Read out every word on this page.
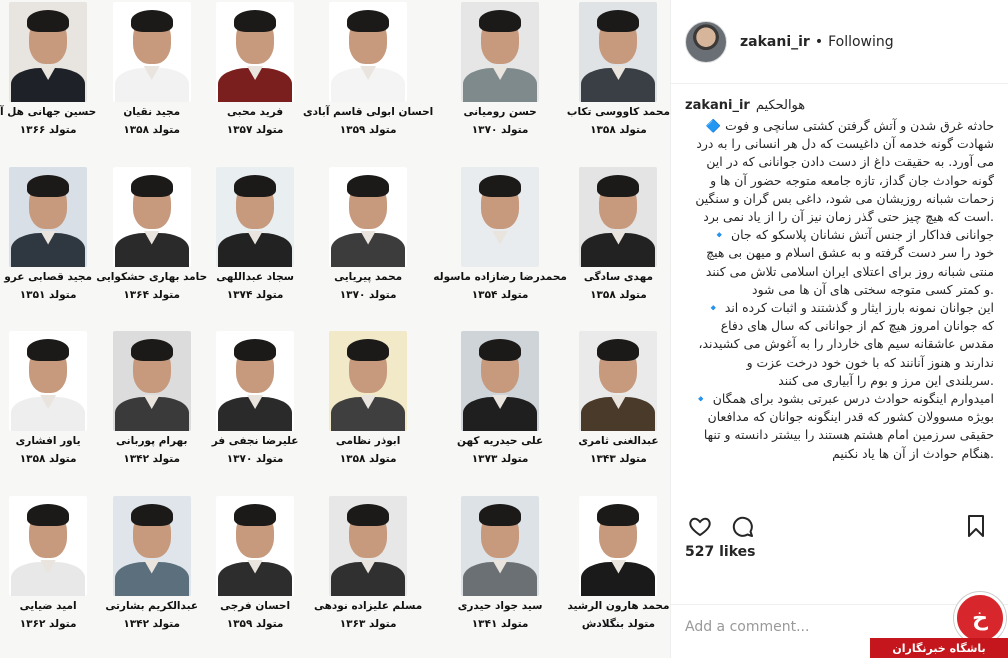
حسین جهانی هل آ
متولد ۱۳۶۶
مجید نقیان
متولد ۱۳۵۸
فرید محبی
متولد ۱۳۵۷
احسان ابولی قاسم آبادی
متولد ۱۳۵۹
حسن رومیانی
متولد ۱۳۷۰
محمد کاووسی تکاب
متولد ۱۳۵۸
مجید قصابی عرو
متولد ۱۳۵۱
حامد بهاری حشکوایی
متولد ۱۳۶۴
سجاد عبداللهی
متولد ۱۳۷۴
محمد پیریایی
متولد ۱۳۷۰
محمدرضا رضازاده ماسوله
متولد ۱۳۵۴
مهدی سادگی
متولد ۱۳۵۸
یاور افشاری
متولد ۱۳۵۸
بهرام پوربانی
متولد ۱۳۴۲
علیرضا نجفی فر
متولد ۱۳۷۰
ابوذر نظامی
متولد ۱۳۵۸
علی حیدریه کهن
متولد ۱۳۷۳
عبدالغنی ثامری
متولد ۱۳۴۳
امید ضیایی
متولد ۱۳۶۲
عبدالکریم بشارتی
متولد ۱۳۴۲
احسان فرجی
متولد ۱۳۵۹
مسلم علیزاده نودهی
متولد ۱۳۶۳
سید جواد حیدری
متولد ۱۳۴۱
محمد هارون الرشید
متولد بنگلادش
zakani_ir • Following
zakani_ir هوالحکیم
حادثه غرق شدن و آتش گرفتن کشتی سانچی و فوت 🔷
شهادت گونه خدمه آن داغیست که دل هر انسانی را به درد
می آورد. به حقیقت داغ از دست دادن جوانانی که در این
گونه حوادث جان گداز، تازه جامعه متوجه حضور آن ها و
زحمات شبانه روزیشان می شود، داغی بس گران و سنگین
.است که هیچ چیز حتی گذر زمان نیز آن را از یاد نمی برد
جوانانی فداکار از جنس آتش نشانان پلاسکو که جان 🔹
خود را سر دست گرفته و به عشق اسلام و میهن بی هیچ
منتی شبانه روز برای اعتلای ایران اسلامی تلاش می کنند
.و کمتر کسی متوجه سختی های آن ها می شود
این جوانان نمونه بارز ایثار و گذشتند و اثبات کرده اند 🔹
که جوانان امروز هیچ کم از جوانانی که سال های دفاع
مقدس عاشقانه سیم های خاردار را به آغوش می کشیدند،
ندارند و هنوز آنانند که با خون خود درخت عزت و
.سربلندی این مرز و بوم را آبیاری می کنند
امیدوارم اینگونه حوادث درس عبرتی بشود برای همگان 🔹
بویژه مسوولان کشور که قدر اینگونه جوانان که مدافعان
حقیقی سرزمین امام هشتم هستند را بیشتر دانسته و تنها
.هنگام حوادث از آن ها یاد نکنیم
527 likes
Add a comment...	خ
باشگاه خبرنگاران
